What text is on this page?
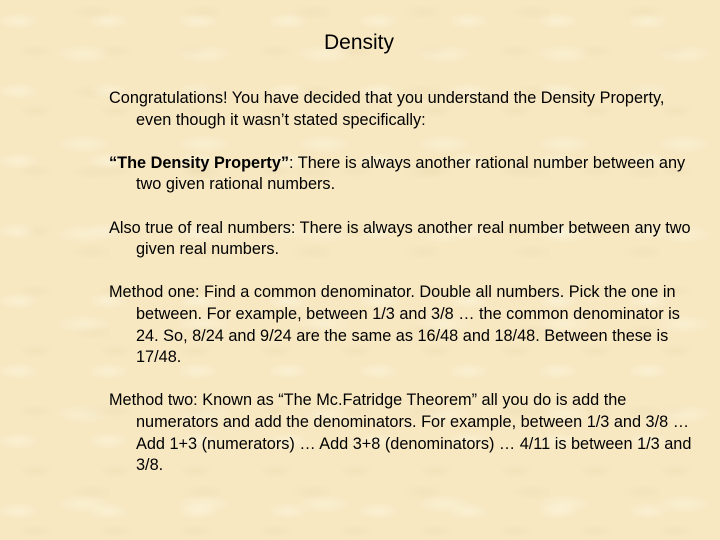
Density

Congratulations! You have decided that you understand the Density Property, even though it wasn’t stated specifically:

“The Density Property”: There is always another rational number between any two given rational numbers.

Also true of real numbers: There is always another real number between any two given real numbers.

Method one: Find a common denominator. Double all numbers. Pick the one in between. For example, between 1/3 and 3/8 … the common denominator is 24. So, 8/24 and 9/24 are the same as 16/48 and 18/48. Between these is 17/48.

Method two: Known as “The Mc.Fatridge Theorem” all you do is add the numerators and add the denominators. For example, between 1/3 and 3/8 … Add 1+3 (numerators) … Add 3+8 (denominators) … 4/11 is between 1/3 and 3/8.
